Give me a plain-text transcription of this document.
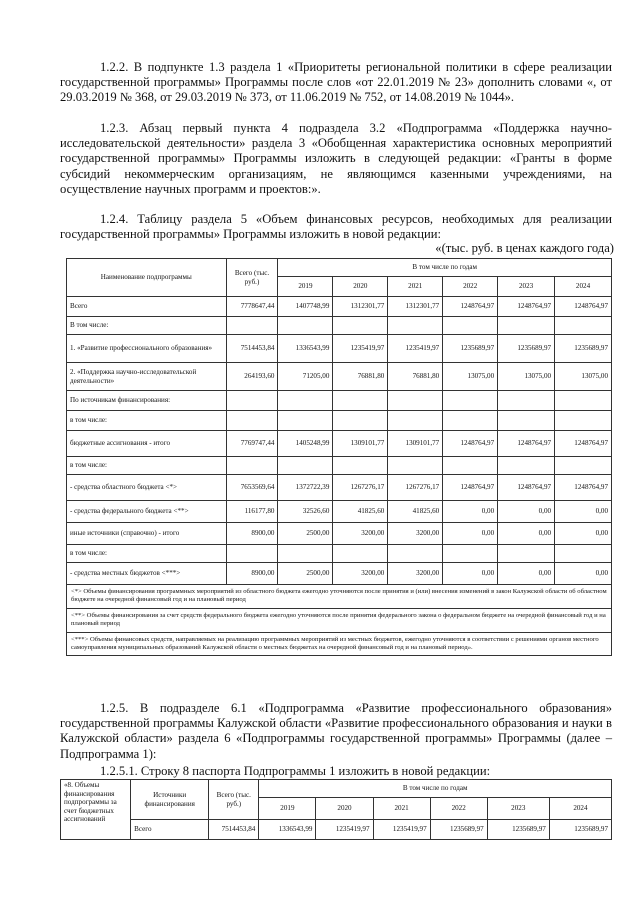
1.2.2. В подпункте 1.3 раздела 1 «Приоритеты региональной политики в сфере реализации государственной программы» Программы после слов «от 22.01.2019 № 23» дополнить словами «, от 29.03.2019 № 368, от 29.03.2019 № 373, от 11.06.2019 № 752, от 14.08.2019 № 1044».

1.2.3. Абзац первый пункта 4 подраздела 3.2 «Подпрограмма «Поддержка научно-исследовательской деятельности» раздела 3 «Обобщенная характеристика основных мероприятий государственной программы» Программы изложить в следующей редакции: «Гранты в форме субсидий некоммерческим организациям, не являющимся казенными учреждениями, на осуществление научных программ и проектов:».

1.2.4. Таблицу раздела 5 «Объем финансовых ресурсов, необходимых для реализации государственной программы» Программы изложить в новой редакции:

«(тыс. руб. в ценах каждого года)
Наименование подпрограммы	Всего (тыс. руб.)	В том числе по годам					
		2019	2020	2021	2022	2023	2024
Всего	7778647,44	1407748,99	1312301,77	1312301,77	1248764,97	1248764,97	1248764,97
В том числе:							
1. «Развитие профессионального образования»	7514453,84	1336543,99	1235419,97	1235419,97	1235689,97	1235689,97	1235689,97
2. «Поддержка научно-исследовательской деятельности»	264193,60	71205,00	76881,80	76881,80	13075,00	13075,00	13075,00
По источникам финансирования:							
в том числе:							
бюджетные ассигнования - итого	7769747,44	1405248,99	1309101,77	1309101,77	1248764,97	1248764,97	1248764,97
в том числе:							
- средства областного бюджета <*>	7653569,64	1372722,39	1267276,17	1267276,17	1248764,97	1248764,97	1248764,97
- средства федерального бюджета <**>	116177,80	32526,60	41825,60	41825,60	0,00	0,00	0,00
иные источники (справочно) - итого	8900,00	2500,00	3200,00	3200,00	0,00	0,00	0,00
в том числе:							
- средства местных бюджетов <***>	8900,00	2500,00	3200,00	3200,00	0,00	0,00	0,00
<*> Объемы финансирования программных мероприятий из областного бюджета ежегодно уточняются после принятия и (или) внесения изменений в закон Калужской области об областном бюджете на очередной финансовый год и на плановый период							
<**> Объемы финансирования за счет средств федерального бюджета ежегодно уточняются после принятия федерального закона о федеральном бюджете на очередной финансовый год и на плановый период							
<***> Объемы финансовых средств, направляемых на реализацию программных мероприятий из местных бюджетов, ежегодно уточняются в соответствии с решениями органов местного самоуправления муниципальных образований Калужской области о местных бюджетах на очередной финансовый год и на плановый период».							

1.2.5. В подразделе 6.1 «Подпрограмма «Развитие профессионального образования» государственной программы Калужской области «Развитие профессионального образования и науки в Калужской области» раздела 6 «Подпрограммы государственной программы» Программы (далее – Подпрограмма 1):

1.2.5.1. Строку 8 паспорта Подпрограммы 1 изложить в новой редакции:

«8. Объемы финансирования подпрограммы за счет бюджетных ассигнований	Источники финансирования	Всего (тыс. руб.)	В том числе по годам					
			2019	2020	2021	2022	2023	2024
	Всего	7514453,84	1336543,99	1235419,97	1235419,97	1235689,97	1235689,97	1235689,97
